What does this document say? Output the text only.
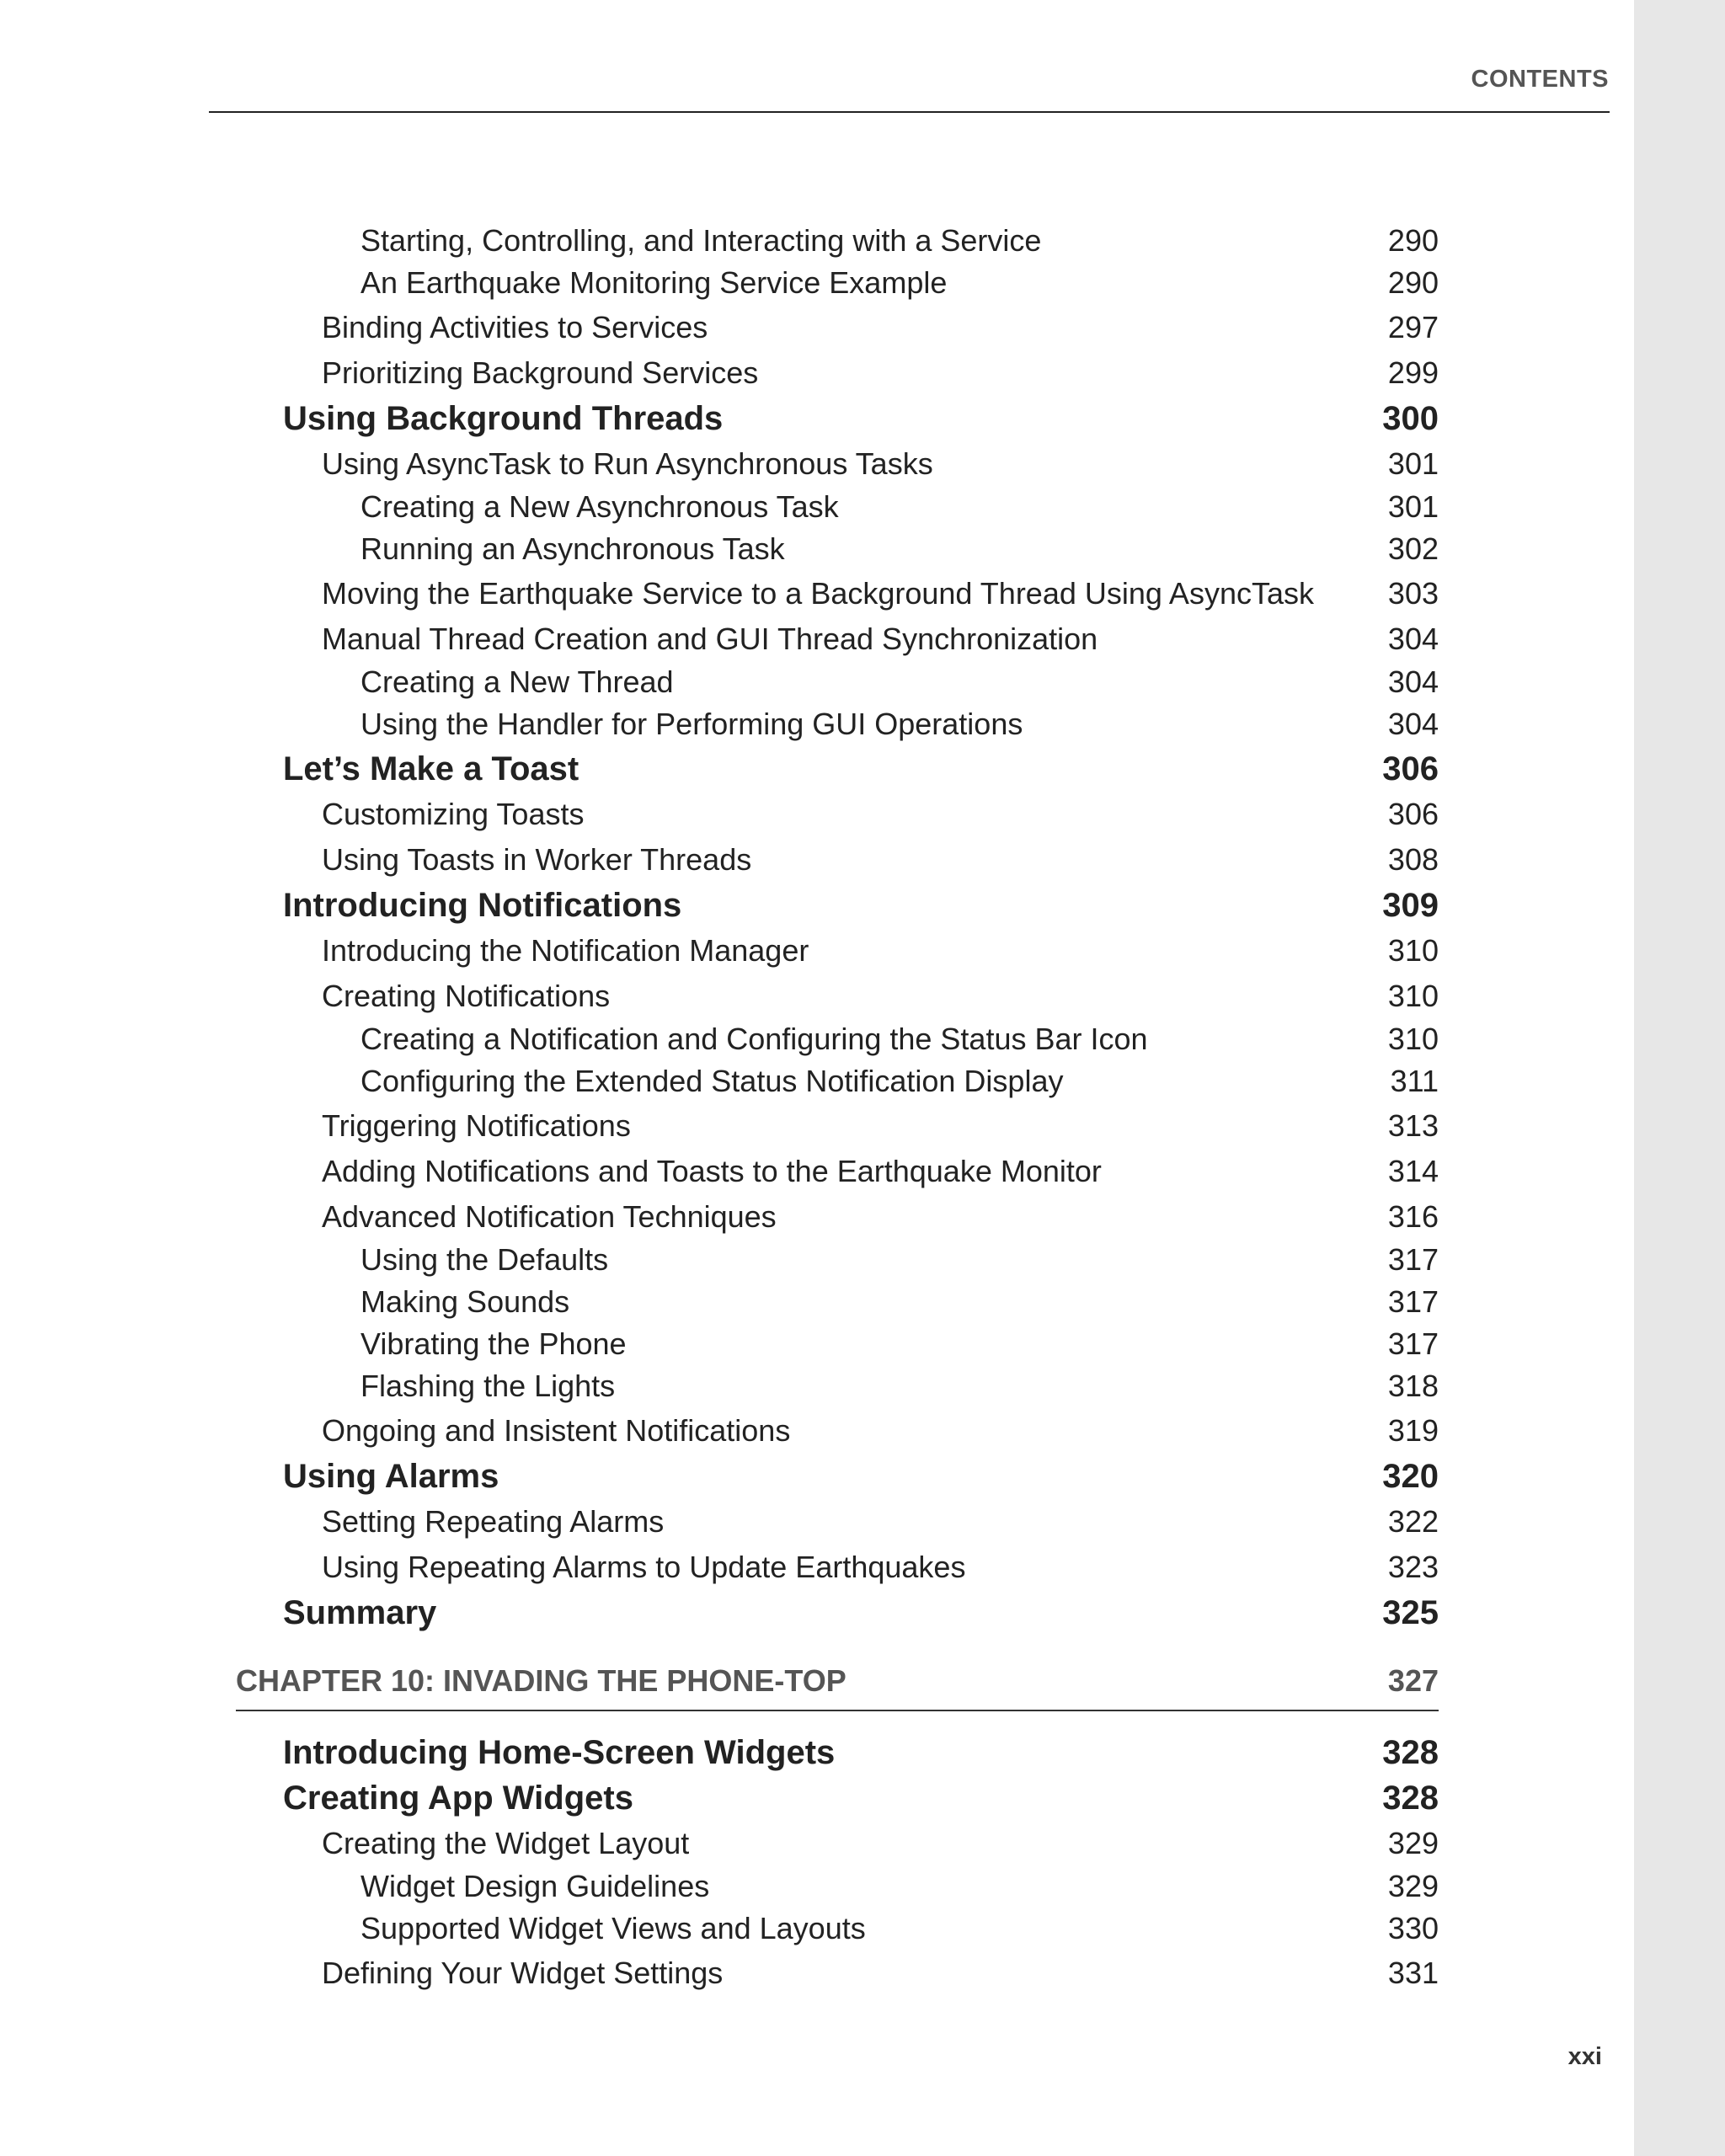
CONTENTS
Starting, Controlling, and Interacting with a Service	290
An Earthquake Monitoring Service Example	290
Binding Activities to Services	297
Prioritizing Background Services	299
Using Background Threads	300
Using AsyncTask to Run Asynchronous Tasks	301
Creating a New Asynchronous Task	301
Running an Asynchronous Task	302
Moving the Earthquake Service to a Background Thread Using AsyncTask 303
Manual Thread Creation and GUI Thread Synchronization	304
Creating a New Thread	304
Using the Handler for Performing GUI Operations	304
Let’s Make a Toast	306
Customizing Toasts	306
Using Toasts in Worker Threads	308
Introducing Notifications	309
Introducing the Notification Manager	310
Creating Notifications	310
Creating a Notification and Configuring the Status Bar Icon	310
Configuring the Extended Status Notification Display	311
Triggering Notifications	313
Adding Notifications and Toasts to the Earthquake Monitor	314
Advanced Notification Techniques	316
Using the Defaults	317
Making Sounds	317
Vibrating the Phone	317
Flashing the Lights	318
Ongoing and Insistent Notifications	319
Using Alarms	320
Setting Repeating Alarms	322
Using Repeating Alarms to Update Earthquakes	323
Summary	325
CHAPTER 10: INVADING THE PHONE-TOP	327
Introducing Home-Screen Widgets	328
Creating App Widgets	328
Creating the Widget Layout	329
Widget Design Guidelines	329
Supported Widget Views and Layouts	330
Defining Your Widget Settings	331
xxi
